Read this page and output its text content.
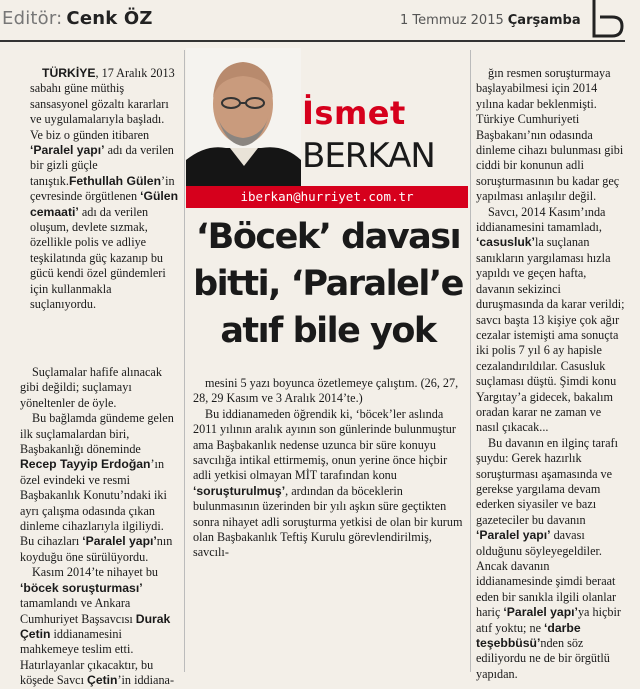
Editör: Cenk ÖZ	1 Temmuz 2015 Çarşamba

TÜRKİYE, 17 Aralık 2013 sabahı güne müthiş sansasyonel gözaltı kararları ve uygulamalarıyla başladı. Ve biz o günden itibaren ‘Paralel yapı’ adı da verilen bir gizli güçle tanıştık.Fethullah Gülen’in çevresinde örgütlenen ‘Gülen cemaati’ adı da verilen oluşum, devlete sızmak, özellikle polis ve adliye teşkilatında güç kazanıp bu gücü kendi özel gündemleri için kullanmakla suçlanıyordu.

Suçlamalar hafife alınacak gibi değildi; suçlamayı yöneltenler de öyle.

Bu bağlamda gündeme gelen ilk suçlamalardan biri, Başbakanlığı döneminde Recep Tayyip Erdoğan’ın özel evindeki ve resmi Başbakanlık Konutu’ndaki iki ayrı çalışma odasında çıkan dinleme cihazlarıyla ilgiliydi. Bu cihazları ‘Paralel yapı’nın koyduğu öne sürülüyordu.

Kasım 2014’te nihayet bu ‘böcek soruşturması’ tamamlandı ve Ankara Cumhuriyet Başsavcısı Durak Çetin iddianamesini mahkemeye teslim etti. Hatırlayanlar çıkacaktır, bu köşede Savcı Çetin’in iddiana-

İsmet
BERKAN
iberkan@hurriyet.com.tr
‘Böcek’ davası
bitti, ‘Paralel’e
atıf bile yok

mesini 5 yazı boyunca özetlemeye çalıştım. (26, 27, 28, 29 Kasım ve 3 Aralık 2014’te.)

Bu iddianameden öğrendik ki, ‘böcek’ler aslında 2011 yılının aralık ayının son günlerinde bulunmuştur ama Başbakanlık nedense uzunca bir süre konuyu savcılığa intikal ettirmemiş, onun yerine önce hiçbir adli yetkisi olmayan MİT tarafından konu ‘soruşturulmuş’, ardından da böceklerin bulunmasının üzerinden bir yılı aşkın süre geçtikten sonra nihayet adli soruşturma yetkisi de olan bir kurum olan Başbakanlık Teftiş Kurulu görevlendirilmiş, savcılı-

ğın resmen soruşturmaya başlayabilmesi için 2014 yılına kadar beklenmişti. Türkiye Cumhuriyeti Başbakanı’nın odasında dinleme cihazı bulunması gibi ciddi bir konunun adli soruşturmasının bu kadar geç yapılması anlaşılır değil.

Savcı, 2014 Kasım’ında iddianamesini tamamladı, ‘casusluk’la suçlanan sanıkların yargılaması hızla yapıldı ve geçen hafta, davanın sekizinci duruşmasında da karar verildi; savcı başta 13 kişiye çok ağır cezalar istemişti ama sonuçta iki polis 7 yıl 6 ay hapisle cezalandırıldılar. Casusluk suçlaması düştü. Şimdi konu Yargıtay’a gidecek, bakalım oradan karar ne zaman ve nasıl çıkacak...

Bu davanın en ilginç tarafı şuydu: Gerek hazırlık soruşturması aşamasında ve gerekse yargılama devam ederken siyasiler ve bazı gazeteciler bu davanın ‘Paralel yapı’ davası olduğunu söyleyegeldiler. Ancak davanın iddianamesinde şimdi beraat eden bir sanıkla ilgili olanlar hariç ‘Paralel yapı’ya hiçbir atıf yoktu; ne ‘darbe teşebbüsü’nden söz ediliyordu ne de bir örgütlü yapıdan.
